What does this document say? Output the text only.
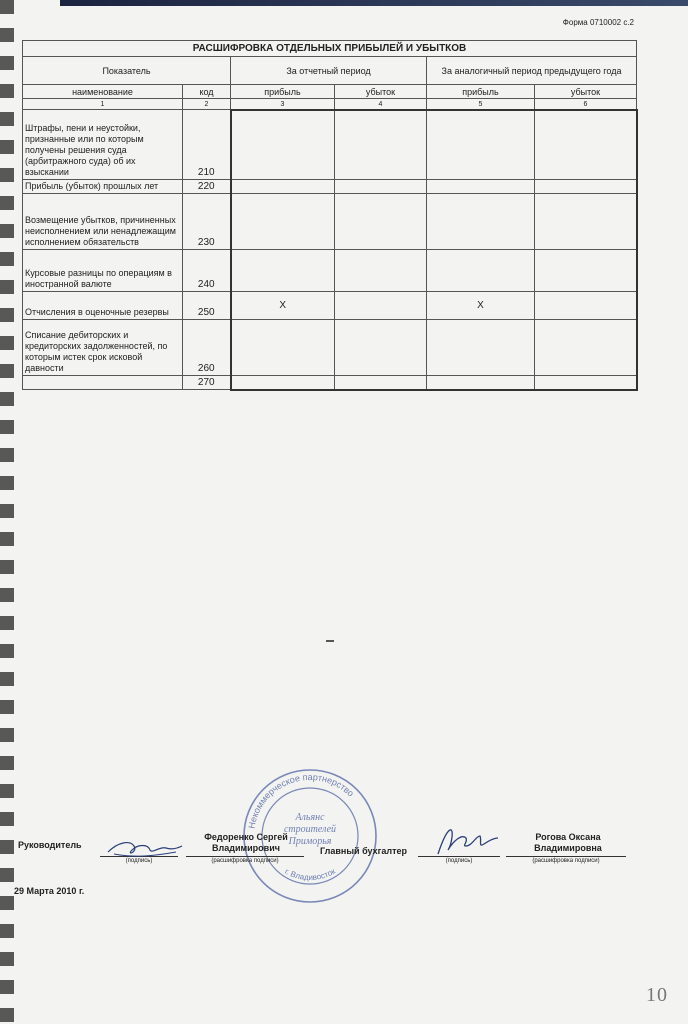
Форма 0710002 с.2
РАСШИФРОВКА ОТДЕЛЬНЫХ ПРИБЫЛЕЙ И УБЫТКОВ					
Показатель		За отчетный период		За аналогичный период предыдущего года	
наименование	код	прибыль	убыток	прибыль	убыток
1	2	3	4	5	6
Штрафы, пени и неустойки, признанные или по которым получены решения суда (арбитражного суда) об их взыскании	210				
Прибыль (убыток) прошлых лет	220				
Возмещение убытков, причиненных неисполнением или ненадлежащим исполнением обязательств	230				
Курсовые разницы по операциям в иностранной валюте	240				
Отчисления в оценочные резервы	250	X		X	
Списание дебиторских и кредиторских задолженностей, по которым истек срок исковой давности	260				
	270				
Некоммерческое партнерство
г. Владивосток
Альянс строителей Приморья
Руководитель
(подпись)
Федоренко Сергей Владимирович
(расшифровка подписи)
Главный бухгалтер
(подпись)
Рогова Оксана Владимировна
(расшифровка подписи)
29 Марта 2010 г.
10
